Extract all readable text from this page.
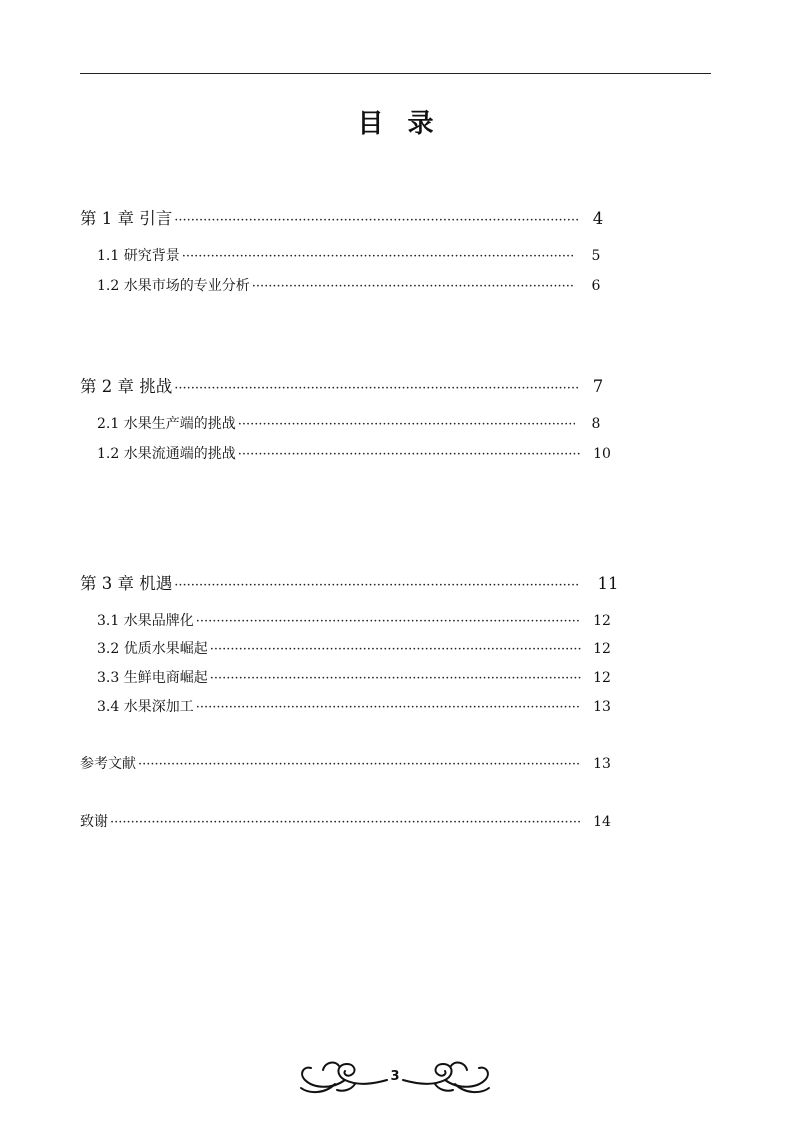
目 录
第 1 章 引言 ·····	4
1.1 研究背景 ·····	5
1.2 水果市场的专业分析 ·····	6
第 2 章 挑战 ·····	7
2.1 水果生产端的挑战 ·····	8
1.2 水果流通端的挑战 ·····	10
第 3 章 机遇 ·····	11
3.1 水果品牌化 ·····	12
3.2 优质水果崛起 ·····	12
3.3 生鲜电商崛起 ·····	12
3.4 水果深加工 ·····	13
参考文献 ·····	13
致谢 ·····	14
3
